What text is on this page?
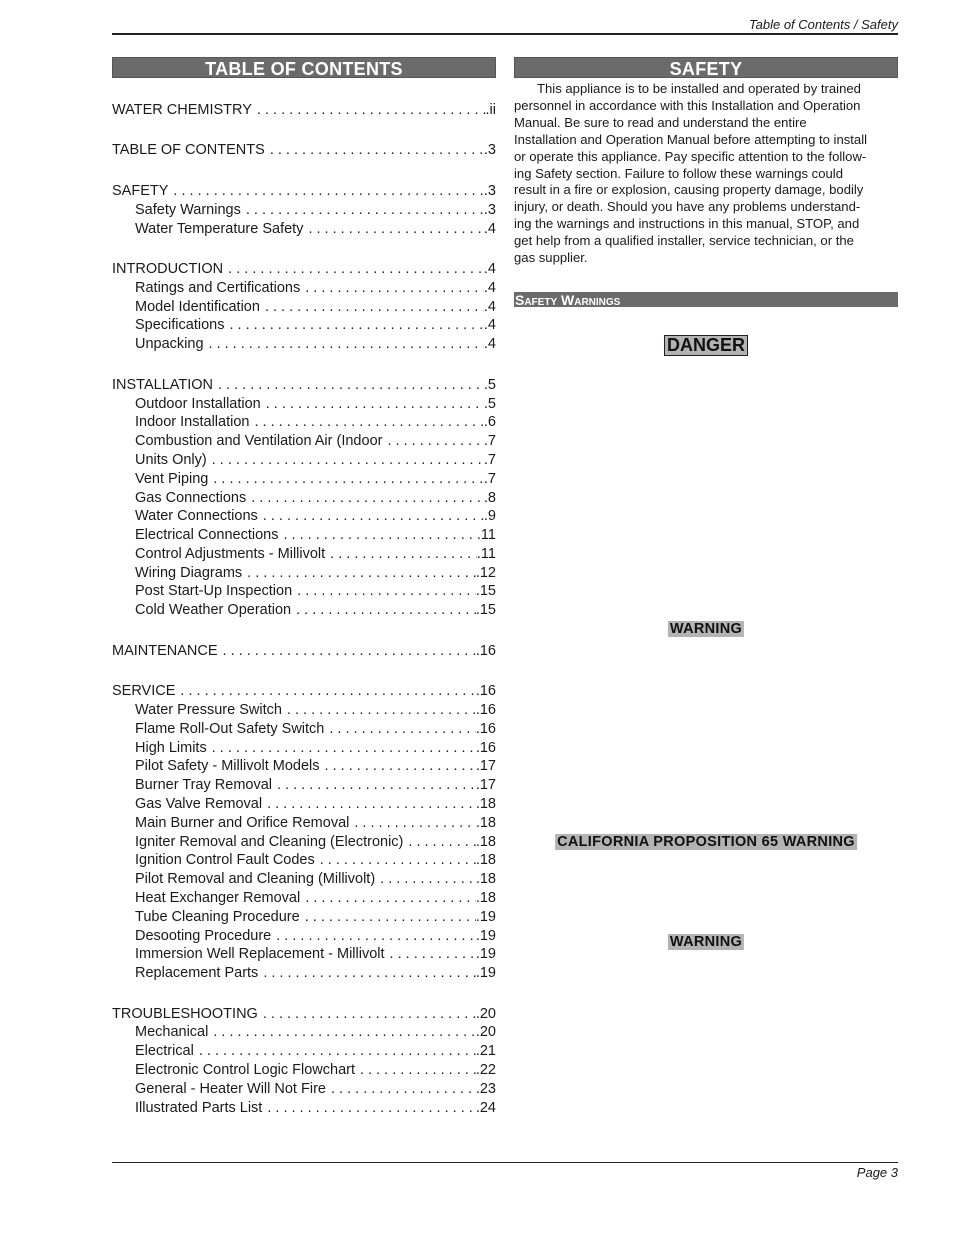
Table of Contents / Safety
TABLE OF CONTENTS
WATER CHEMISTRY . . .	.ii
TABLE OF CONTENTS . . .	.3
SAFETY . . .	.3
Safety Warnings . . .	.3
Water Temperature Safety . . .	.4
INTRODUCTION . . .	.4
Ratings and Certifications . . .	.4
Model Identification . . .	.4
Specifications . . .	.4
Unpacking . . .	.4
INSTALLATION . . .	.5
Outdoor Installation . . .	.5
Indoor Installation . . .	.6
Combustion and Ventilation Air (Indoor . . .	.7
Units Only) . . .	.7
Vent Piping . . .	.7
Gas Connections . . .	.8
Water Connections . . .	.9
Electrical Connections . . .	.11
Control Adjustments - Millivolt . . .	.11
Wiring Diagrams . . .	.12
Post Start-Up Inspection . . .	.15
Cold Weather Operation . . .	.15
MAINTENANCE . . .	.16
SERVICE . . .	.16
Water Pressure Switch . . .	.16
Flame Roll-Out Safety Switch . . .	.16
High Limits . . .	.16
Pilot Safety - Millivolt Models . . .	.17
Burner Tray Removal . . .	.17
Gas Valve Removal . . .	.18
Main Burner and Orifice Removal . . .	.18
Igniter Removal and Cleaning (Electronic) . . .	.18
Ignition Control Fault Codes . . .	.18
Pilot Removal and Cleaning (Millivolt) . . .	.18
Heat Exchanger Removal . . .	.18
Tube Cleaning Procedure . . .	.19
Desooting Procedure . . .	.19
Immersion Well Replacement - Millivolt . . .	.19
Replacement Parts . . .	.19
TROUBLESHOOTING . . .	.20
Mechanical . . .	.20
Electrical . . .	.21
Electronic Control Logic Flowchart . . .	.22
General - Heater Will Not Fire . . .	.23
Illustrated Parts List . . .	.24
SAFETY
This appliance is to be installed and operated by trained
personnel in accordance with this Installation and Operation
Manual. Be sure to read and understand the entire
Installation and Operation Manual before attempting to install
or operate this appliance. Pay specific attention to the follow-
ing Safety section. Failure to follow these warnings could
result in a fire or explosion, causing property damage, bodily
injury, or death. Should you have any problems understand-
ing the warnings and instructions in this manual, STOP, and
get help from a qualified installer, service technician, or the
gas supplier.
Safety Warnings
DANGER
WARNING
CALIFORNIA PROPOSITION 65 WARNING
WARNING
Page 3
